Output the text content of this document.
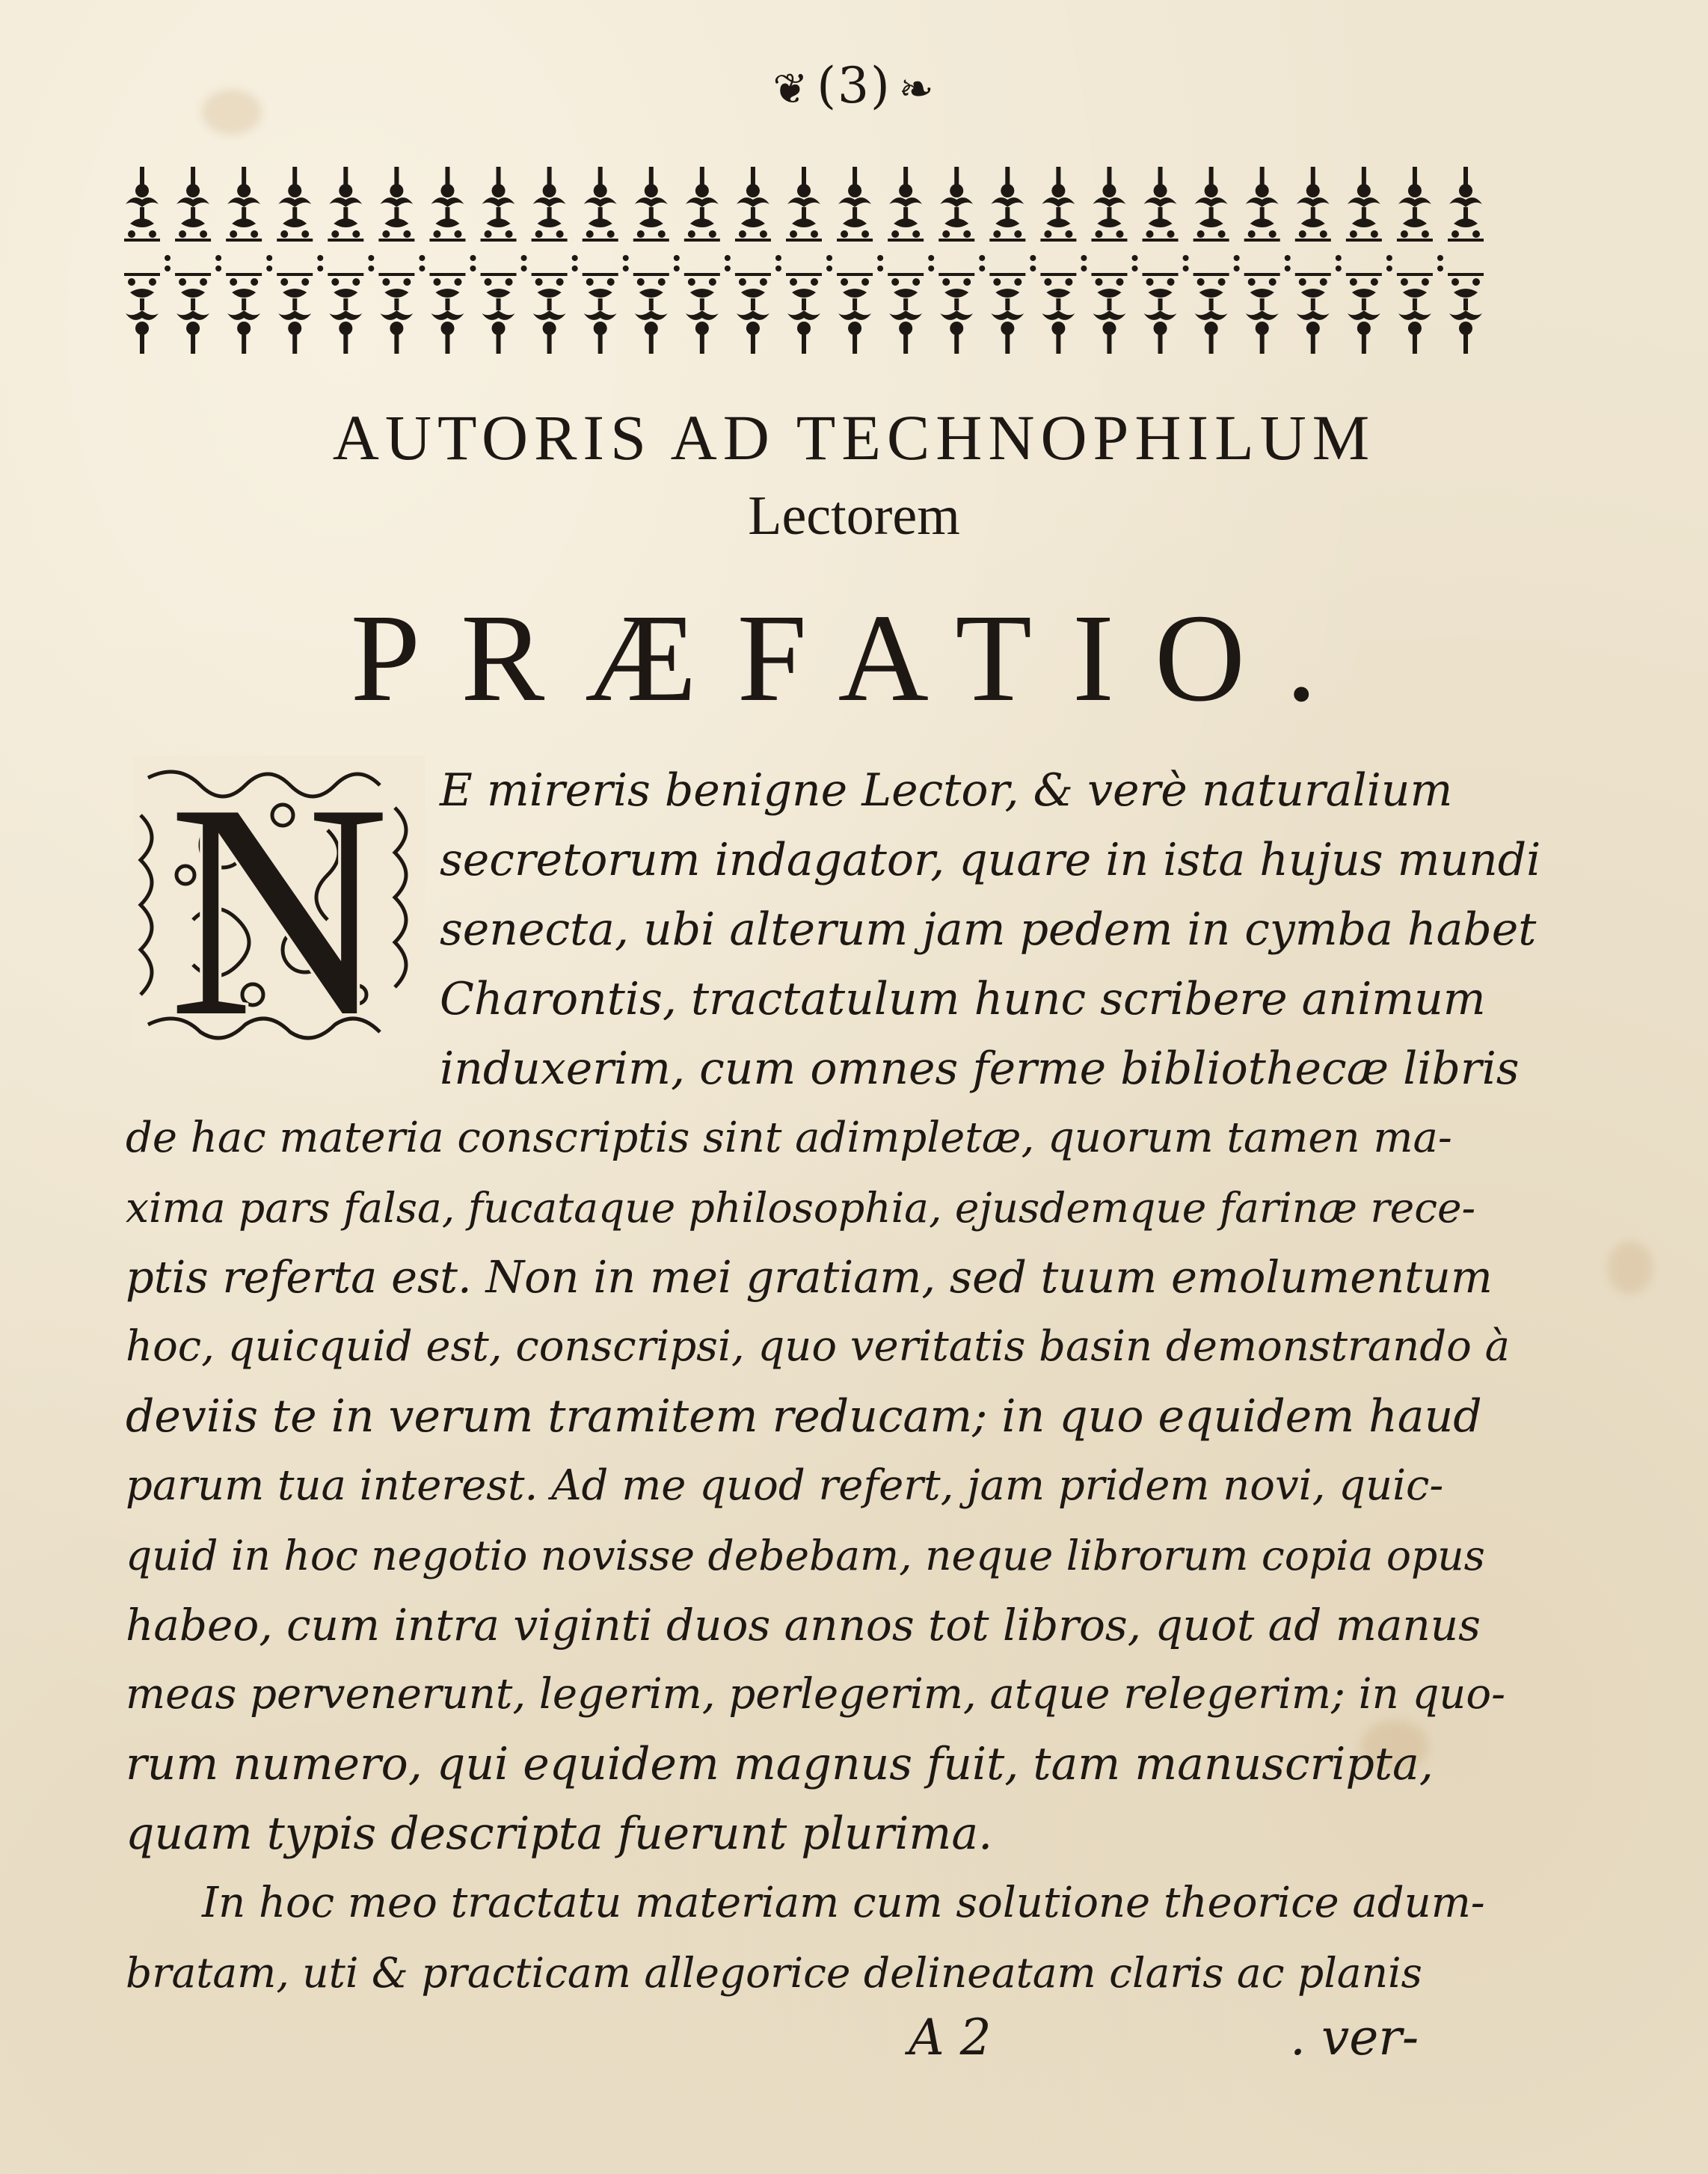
❦ (3) ❧
AUTORIS AD TECHNOPHILUM
Lectorem
PRÆFATIO.
N E mireris benigne Lector, & verè naturalium
secretorum indagator, quare in ista hujus mundi
senecta, ubi alterum jam pedem in cymba habet
Charontis, tractatulum hunc scribere animum
induxerim, cum omnes ferme bibliothecæ libris
de hac materia conscriptis sint adimpletæ, quorum tamen ma-
xima pars falsa, fucataque philosophia, ejusdemque farinæ rece-
ptis referta est. Non in mei gratiam, sed tuum emolumentum
hoc, quicquid est, conscripsi, quo veritatis basin demonstrando à
deviis te in verum tramitem reducam; in quo equidem haud
parum tua interest. Ad me quod refert, jam pridem novi, quic-
quid in hoc negotio novisse debebam, neque librorum copia opus
habeo, cum intra viginti duos annos tot libros, quot ad manus
meas pervenerunt, legerim, perlegerim, atque relegerim; in quo-
rum numero, qui equidem magnus fuit, tam manuscripta,
quam typis descripta fuerunt plurima.
In hoc meo tractatu materiam cum solutione theorice adum-
bratam, uti & practicam allegorice delineatam claris ac planis
A 2	. ver-
